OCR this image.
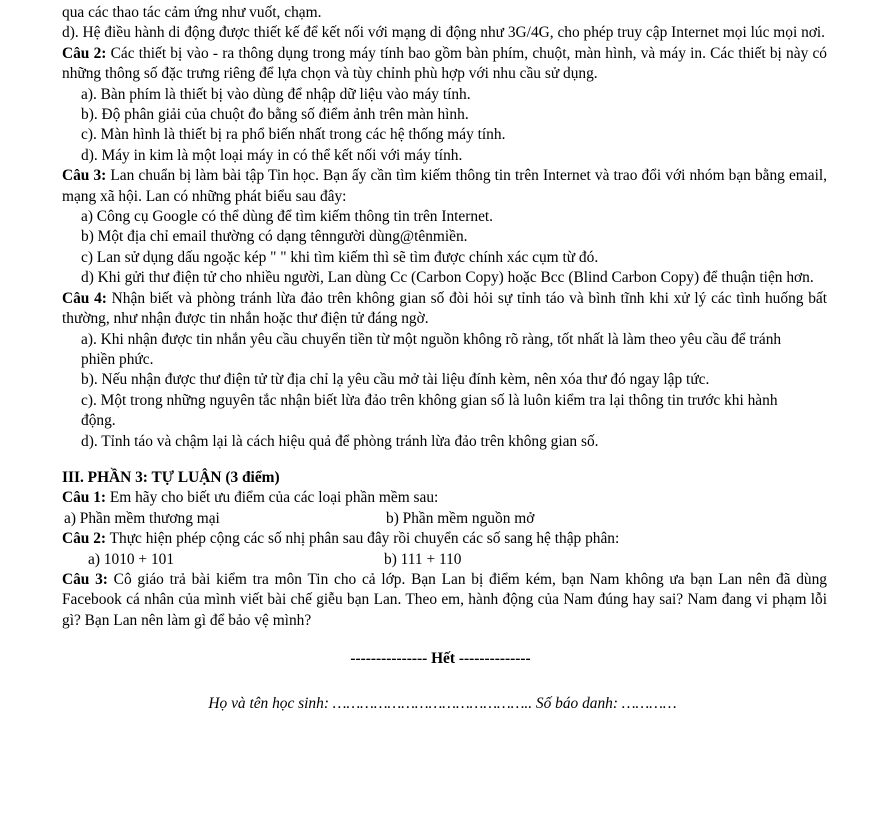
qua các thao tác cảm ứng như vuốt, chạm.

d). Hệ điều hành di động được thiết kế để kết nối với mạng di động như 3G/4G, cho phép truy cập Internet mọi lúc mọi nơi.

Câu 2: Các thiết bị vào - ra thông dụng trong máy tính bao gồm bàn phím, chuột, màn hình, và máy in. Các thiết bị này có những thông số đặc trưng riêng để lựa chọn và tùy chỉnh phù hợp với nhu cầu sử dụng.

a). Bàn phím là thiết bị vào dùng để nhập dữ liệu vào máy tính.

b). Độ phân giải của chuột đo bằng số điểm ảnh trên màn hình.

c). Màn hình là thiết bị ra phổ biến nhất trong các hệ thống máy tính.

d). Máy in kim là một loại máy in có thể kết nối với máy tính.

Câu 3: Lan chuẩn bị làm bài tập Tin học. Bạn ấy cần tìm kiếm thông tin trên Internet và trao đổi với nhóm bạn bằng email, mạng xã hội. Lan có những phát biểu sau đây:

a) Công cụ Google có thể dùng để tìm kiếm thông tin trên Internet.

b) Một địa chỉ email thường có dạng tênngười dùng@tênmiền.

c) Lan sử dụng dấu ngoặc kép " " khi tìm kiếm thì sẽ tìm được chính xác cụm từ đó.

d) Khi gửi thư điện tử cho nhiều người, Lan dùng Cc (Carbon Copy) hoặc Bcc (Blind Carbon Copy) để thuận tiện hơn.

Câu 4: Nhận biết và phòng tránh lừa đảo trên không gian số đòi hỏi sự tỉnh táo và bình tĩnh khi xử lý các tình huống bất thường, như nhận được tin nhắn hoặc thư điện tử đáng ngờ.

a). Khi nhận được tin nhắn yêu cầu chuyển tiền từ một nguồn không rõ ràng, tốt nhất là làm theo yêu cầu để tránh phiền phức.

b). Nếu nhận được thư điện tử từ địa chỉ lạ yêu cầu mở tài liệu đính kèm, nên xóa thư đó ngay lập tức.

c). Một trong những nguyên tắc nhận biết lừa đảo trên không gian số là luôn kiểm tra lại thông tin trước khi hành động.

d). Tỉnh táo và chậm lại là cách hiệu quả để phòng tránh lừa đảo trên không gian số.

III. PHẦN 3: TỰ LUẬN (3 điểm)

Câu 1: Em hãy cho biết ưu điểm của các loại phần mềm sau:

a) Phần mềm thương mại	b) Phần mềm nguồn mở

Câu 2: Thực hiện phép cộng các số nhị phân sau đây rồi chuyển các số sang hệ thập phân:

a) 1010 + 101	b) 111 + 110

Câu 3: Cô giáo trả bài kiểm tra môn Tin cho cả lớp. Bạn Lan bị điểm kém, bạn Nam không ưa bạn Lan nên đã dùng Facebook cá nhân của mình viết bài chế giễu bạn Lan. Theo em, hành động của Nam đúng hay sai? Nam đang vi phạm lỗi gì? Bạn Lan nên làm gì để bảo vệ mình?

--------------- Hết --------------

Họ và tên học sinh: …………………………………….. Số báo danh: …………
